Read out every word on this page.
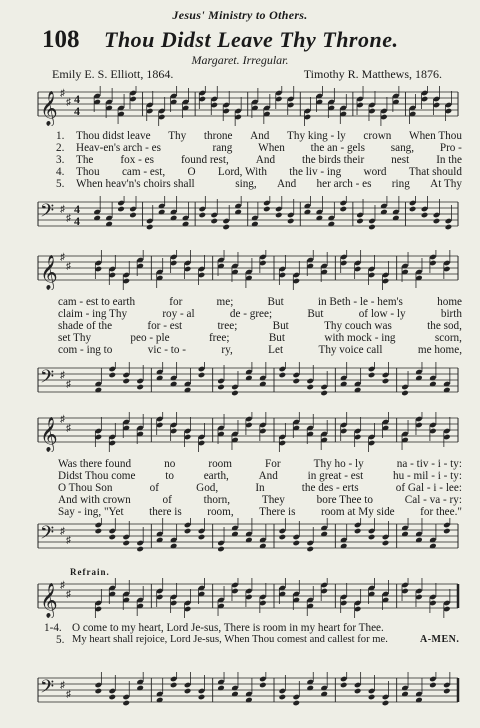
Jesus' Ministry to Others.
108 Thou Didst Leave Thy Throne.
Margaret. Irregular.
Emily E. S. Elliott, 1864.	Timothy R. Matthews, 1876.
𝄞 ♯
♯
4
4
1. Thou didst leave Thy throne And Thy king - ly crown When Thou
2. Heav-en's arch - es	rang When the an - gels sang, Pro -
3. The fox - es found rest, And the birds their nest In the
4. Thou cam - est, O Lord, With the liv - ing word That should
5. When heav'n's choirs shall	sing, And her arch - es ring At Thy
𝄢 ♯
♯ 4
4
𝄞 ♯
♯
cam - est to earth	for	me;	But	in Beth - le - hem's	home
claim - ing Thy	roy - al	de - gree;	But	of low - ly	birth
shade of the	for - est	tree;	But	Thy couch was	the sod,
set Thy	peo - ple	free;	But	with mock - ing	scorn,
com - ing to	vic - to -	ry,	Let	Thy voice call	me home,
𝄢 ♯
♯
𝄞 ♯
♯
Was there found	no	room	For	Thy ho - ly	na - tiv - i - ty:
Didst Thou come	to	earth,	And	in great - est	hu - mil - i - ty:
O Thou Son	of	God,	In	the des - erts	of Gal - i - lee:
And with crown	of	thorn,	They	bore Thee to	Cal - va - ry:
Say - ing, "Yet there is room, There is room at My side for thee."
𝄢 ♯
♯
Refrain.
𝄞 ♯
♯
1-4. O come to my heart, Lord Je-sus, There is room in my heart for Thee.
5. My heart shall rejoice, Lord Je-sus, When Thou comest and callest for me.	A-MEN.
𝄢 ♯
♯
